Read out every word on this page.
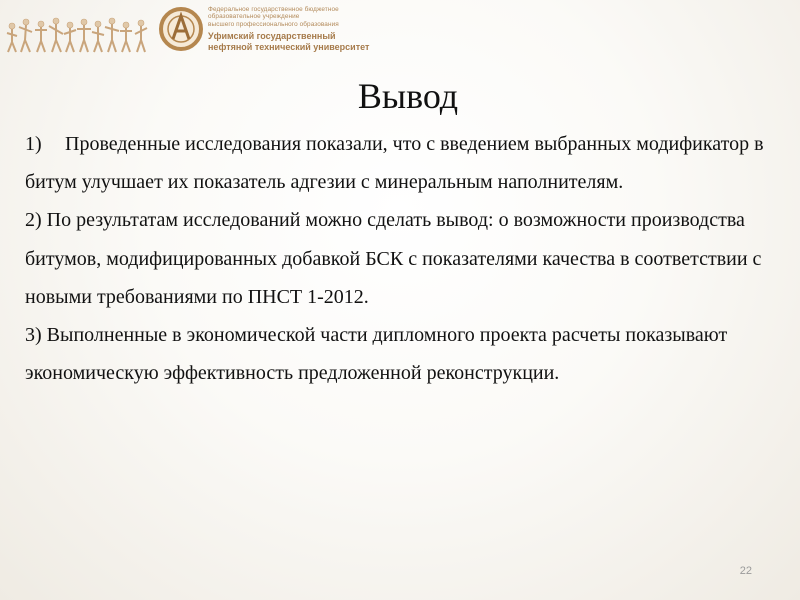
Федеральное государственное бюджетное
образовательное учреждение
высшего профессионального образования
Уфимский государственный
нефтяной технический университет
Вывод

1) Проведенные исследования показали, что с введением выбранных модификатор в битум улучшает их показатель адгезии с минеральным наполнителям.

2) По результатам исследований можно сделать вывод: о возможности производства битумов, модифицированных добавкой БСК с показателями качества в соответствии с новыми требованиями по ПНСТ 1-2012.

3) Выполненные в экономической части дипломного проекта расчеты показывают экономическую эффективность предложенной реконструкции.

22
